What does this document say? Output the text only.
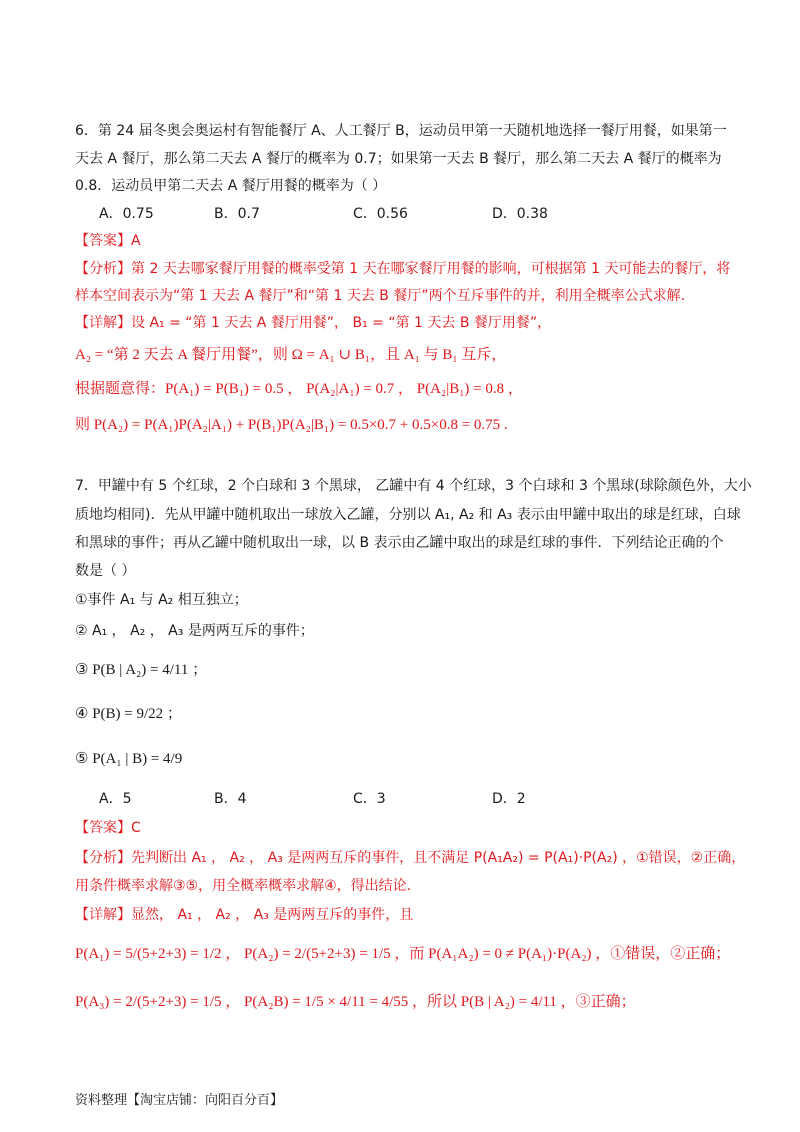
6．第 24 届冬奥会奥运村有智能餐厅 A、人工餐厅 B，运动员甲第一天随机地选择一餐厅用餐，如果第一
天去 A 餐厅，那么第二天去 A 餐厅的概率为 0.7；如果第一天去 B 餐厅，那么第二天去 A 餐厅的概率为
0.8．运动员甲第二天去 A 餐厅用餐的概率为（ ）
A．0.75	B．0.7	C．0.56	D．0.38
【答案】A
【分析】第 2 天去哪家餐厅用餐的概率受第 1 天在哪家餐厅用餐的影响，可根据第 1 天可能去的餐厅，将
样本空间表示为“第 1 天去 A 餐厅”和“第 1 天去 B 餐厅”两个互斥事件的并，利用全概率公式求解.
【详解】设 A₁ = “第 1 天去 A 餐厅用餐”， B₁ = “第 1 天去 B 餐厅用餐”，
A₂ = “第 2 天去 A 餐厅用餐”，则 Ω = A₁ ∪ B₁，且 A₁ 与 B₁ 互斥，
根据题意得：P(A₁) = P(B₁) = 0.5 ， P(A₂|A₁) = 0.7 ， P(A₂|B₁) = 0.8 ，
则 P(A₂) = P(A₁)P(A₂|A₁) + P(B₁)P(A₂|B₁) = 0.5×0.7 + 0.5×0.8 = 0.75 .
7．甲罐中有 5 个红球，2 个白球和 3 个黑球， 乙罐中有 4 个红球，3 个白球和 3 个黑球(球除颜色外，大小
质地均相同)．先从甲罐中随机取出一球放入乙罐，分别以 A₁, A₂ 和 A₃ 表示由甲罐中取出的球是红球，白球
和黑球的事件；再从乙罐中随机取出一球，以 B 表示由乙罐中取出的球是红球的事件．下列结论正确的个
数是（ ）
①事件 A₁ 与 A₂ 相互独立；
② A₁ ， A₂ ， A₃ 是两两互斥的事件；
③ P(B | A₂) = 4/11 ；
④ P(B) = 9/22 ；
⑤ P(A₁ | B) = 4/9
A．5	B．4	C．3	D．2
【答案】C
【分析】先判断出 A₁ ， A₂ ， A₃ 是两两互斥的事件，且不满足 P(A₁A₂) = P(A₁)·P(A₂) ，①错误，②正确，
用条件概率求解③⑤，用全概率概率求解④，得出结论.
【详解】显然， A₁ ， A₂ ， A₃ 是两两互斥的事件，且
P(A₁) = 5/(5+2+3) = 1/2 ， P(A₂) = 2/(5+2+3) = 1/5 ，而 P(A₁A₂) = 0 ≠ P(A₁)·P(A₂) ，①错误，②正确；
P(A₃) = 2/(5+2+3) = 1/5 ， P(A₂B) = 1/5 × 4/11 = 4/55 ，所以 P(B | A₂) = 4/11 ，③正确；
资料整理【淘宝店铺：向阳百分百】
